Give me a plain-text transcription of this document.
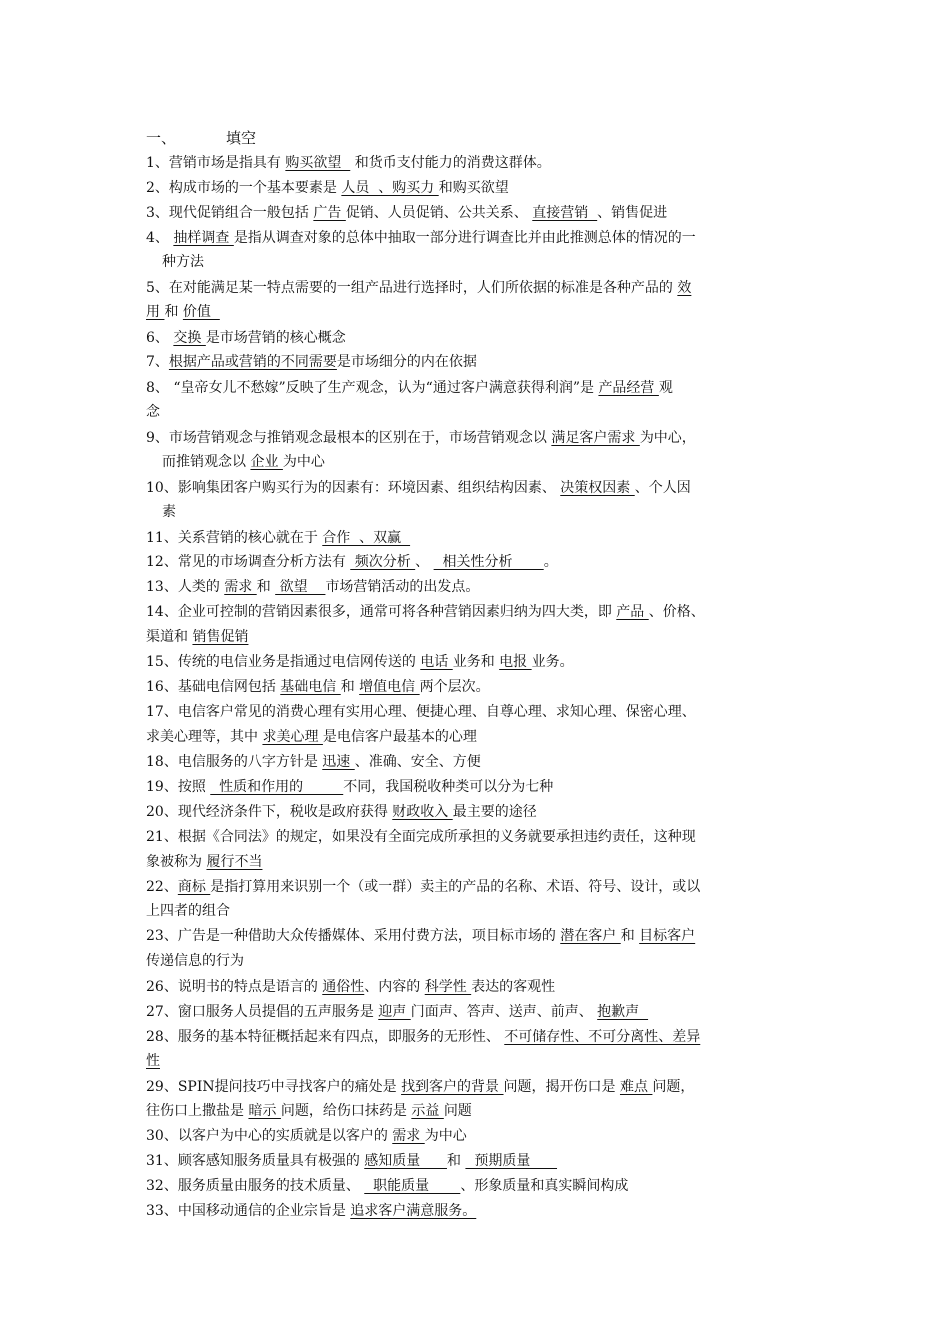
一、	填空
1、营销市场是指具有 购买欲望   和货币支付能力的消费这群体。
2、构成市场的一个基本要素是 人员  、购买力 和购买欲望
3、现代促销组合一般包括 广告 促销、人员促销、公共关系、 直接营销  、销售促进
4、 抽样调查 是指从调查对象的总体中抽取一部分进行调查比并由此推测总体的情况的一
种方法
5、在对能满足某一特点需要的一组产品进行选择时，人们所依据的标准是各种产品的 效
用 和 价值
6、 交换 是市场营销的核心概念
7、根据产品或营销的不同需要是市场细分的内在依据
8、 “皇帝女儿不愁嫁”反映了生产观念，认为“通过客户满意获得利润”是 产品经营 观
念
9、市场营销观念与推销观念最根本的区别在于，市场营销观念以 满足客户需求 为中心，
而推销观念以 企业 为中心
10、影响集团客户购买行为的因素有：环境因素、组织结构因素、 决策权因素 、个人因
素
11、关系营销的核心就在于 合作  、双赢
12、常见的市场调查分析方法有  频次分析 、   相关性分析       。
13、人类的 需求 和  欲望    市场营销活动的出发点。
14、企业可控制的营销因素很多，通常可将各种营销因素归纳为四大类，即 产品 、价格、
渠道和 销售促销
15、传统的电信业务是指通过电信网传送的 电话 业务和 电报 业务。
16、基础电信网包括 基础电信 和 增值电信 两个层次。
17、电信客户常见的消费心理有实用心理、便捷心理、自尊心理、求知心理、保密心理、
求美心理等，其中 求美心理 是电信客户最基本的心理
18、电信服务的八字方针是 迅速 、准确、安全、方便
19、按照   性质和作用的         不同，我国税收种类可以分为七种
20、现代经济条件下，税收是政府获得 财政收入 最主要的途径
21、根据《合同法》的规定，如果没有全面完成所承担的义务就要承担违约责任，这种现
象被称为 履行不当
22、商标 是指打算用来识别一个（或一群）卖主的产品的名称、术语、符号、设计，或以
上四者的组合
23、广告是一种借助大众传播媒体、采用付费方法，项目标市场的 潜在客户 和 目标客户
传递信息的行为
26、说明书的特点是语言的 通俗性、内容的 科学性 表达的客观性
27、窗口服务人员提倡的五声服务是 迎声 门面声、答声、送声、前声、 抱歉声
28、服务的基本特征概括起来有四点，即服务的无形性、 不可储存性、不可分离性、差异
性
29、SPIN提问技巧中寻找客户的痛处是 找到客户的背景 问题，揭开伤口是 难点 问题，
往伤口上撒盐是 暗示 问题，给伤口抹药是 示益 问题
30、以客户为中心的实质就是以客户的 需求 为中心
31、顾客感知服务质量具有极强的 感知质量      和   预期质量
32、服务质量由服务的技术质量、   职能质量       、形象质量和真实瞬间构成
33、中国移动通信的企业宗旨是 追求客户满意服务。
